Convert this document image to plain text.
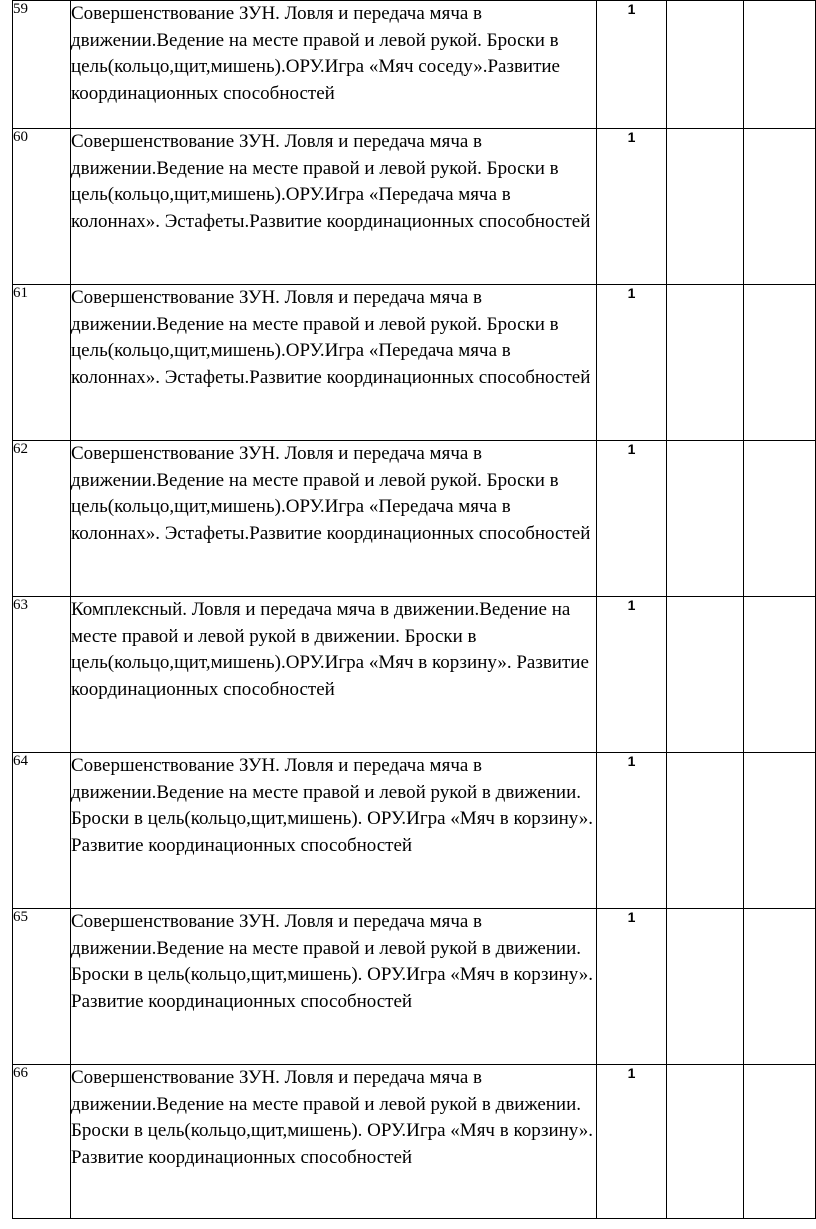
59	Совершенствование ЗУН. Ловля и передача мяча в движении.Ведение на месте правой и левой рукой. Броски в цель(кольцо,щит,мишень).ОРУ.Игра «Мяч соседу».Развитие координационных способностей	1		
60	Совершенствование ЗУН. Ловля и передача мяча в движении.Ведение на месте правой и левой рукой. Броски в цель(кольцо,щит,мишень).ОРУ.Игра «Передача мяча в колоннах». Эстафеты.Развитие координационных способностей	1		
61	Совершенствование ЗУН. Ловля и передача мяча в движении.Ведение на месте правой и левой рукой. Броски в цель(кольцо,щит,мишень).ОРУ.Игра «Передача мяча в колоннах». Эстафеты.Развитие координационных способностей	1		
62	Совершенствование ЗУН. Ловля и передача мяча в движении.Ведение на месте правой и левой рукой. Броски в цель(кольцо,щит,мишень).ОРУ.Игра «Передача мяча в колоннах». Эстафеты.Развитие координационных способностей	1		
63	Комплексный. Ловля и передача мяча в движении.Ведение на месте правой и левой рукой в движении. Броски в цель(кольцо,щит,мишень).ОРУ.Игра «Мяч в корзину». Развитие координационных способностей	1		
64	Совершенствование ЗУН. Ловля и передача мяча в движении.Ведение на месте правой и левой рукой в движении. Броски в цель(кольцо,щит,мишень). ОРУ.Игра «Мяч в корзину». Развитие координационных способностей	1		
65	Совершенствование ЗУН. Ловля и передача мяча в движении.Ведение на месте правой и левой рукой в движении. Броски в цель(кольцо,щит,мишень). ОРУ.Игра «Мяч в корзину». Развитие координационных способностей	1		
66	Совершенствование ЗУН. Ловля и передача мяча в движении.Ведение на месте правой и левой рукой в движении. Броски в цель(кольцо,щит,мишень). ОРУ.Игра «Мяч в корзину». Развитие координационных способностей	1		
